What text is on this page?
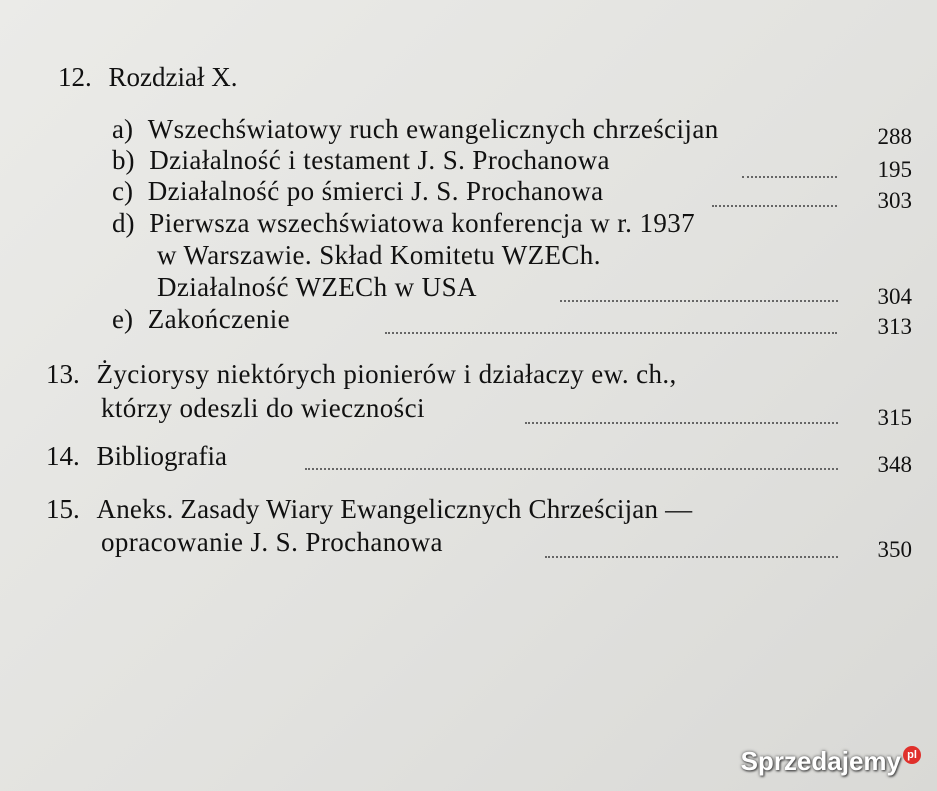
12. Rozdział X.
a) Wszechświatowy ruch ewangelicznych chrześcijan	288
b) Działalność i testament J. S. Prochanowa	195
c) Działalność po śmierci J. S. Prochanowa	303
d) Pierwsza wszechświatowa konferencja w r. 1937
w Warszawie. Skład Komitetu WZECh.
Działalność WZECh w USA	304
e) Zakończenie	313
13. Życiorysy niektórych pionierów i działaczy ew. ch.,
którzy odeszli do wieczności	315
14. Bibliografia	348
15. Aneks. Zasady Wiary Ewangelicznych Chrześcijan —
opracowanie J. S. Prochanowa	350
Sprzedajemy pl
